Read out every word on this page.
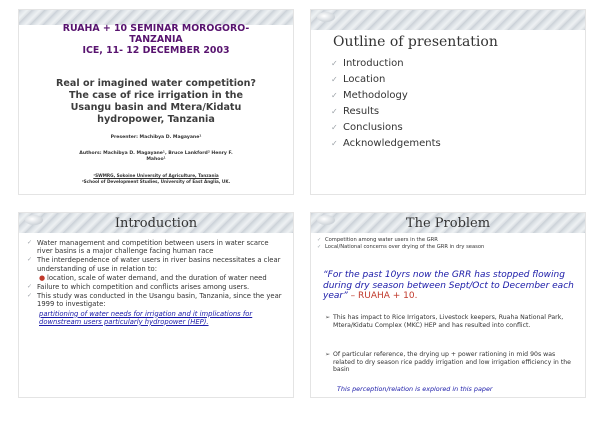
RUAHA + 10 SEMINAR MOROGORO-
TANZANIA
ICE, 11- 12 DECEMBER 2003
Real or imagined water competition?
The case of rice irrigation in the
Usangu basin and Mtera/Kidatu
hydropower, Tanzania
Presenter: Machibya D. Magayane¹
Authors: Machibya D. Magayane¹, Bruce Lankford² Henry F.
Mahoo¹
¹SWMRG, Sokoine University of Agriculture, Tanzania
²School of Development Studies, University of East Anglia, UK.
Outline of presentation
✓ Introduction
✓ Location
✓ Methodology
✓ Results
✓ Conclusions
✓ Acknowledgements
Introduction
✓ Water management and competition between users in water scarce river basins is a major challenge facing human race
✓ The interdependence of water users in river basins necessitates a clear understanding of use in relation to:
● location, scale of water demand, and the duration of water need
✓ Failure to which competition and conflicts arises among users.
✓ This study was conducted in the Usangu basin, Tanzania, since the year 1999 to investigate:
partitioning of water needs for irrigation and it implications for downstream users particularly hydropower (HEP).
The Problem
✓ Competition among water users in the GRR
✓ Local/National concerns over drying of the GRR in dry season
“For the past 10yrs now the GRR has stopped flowing during dry season between Sept/Oct to December each year” – RUAHA + 10.
➢ This has impact to Rice Irrigators, Livestock keepers, Ruaha National Park, Mtera/Kidatu Complex (MKC) HEP and has resulted into conflict.
➢ Of particular reference, the drying up + power rationing in mid 90s was related to dry season rice paddy irrigation and low irrigation efficiency in the basin
This perception/relation is explored in this paper
